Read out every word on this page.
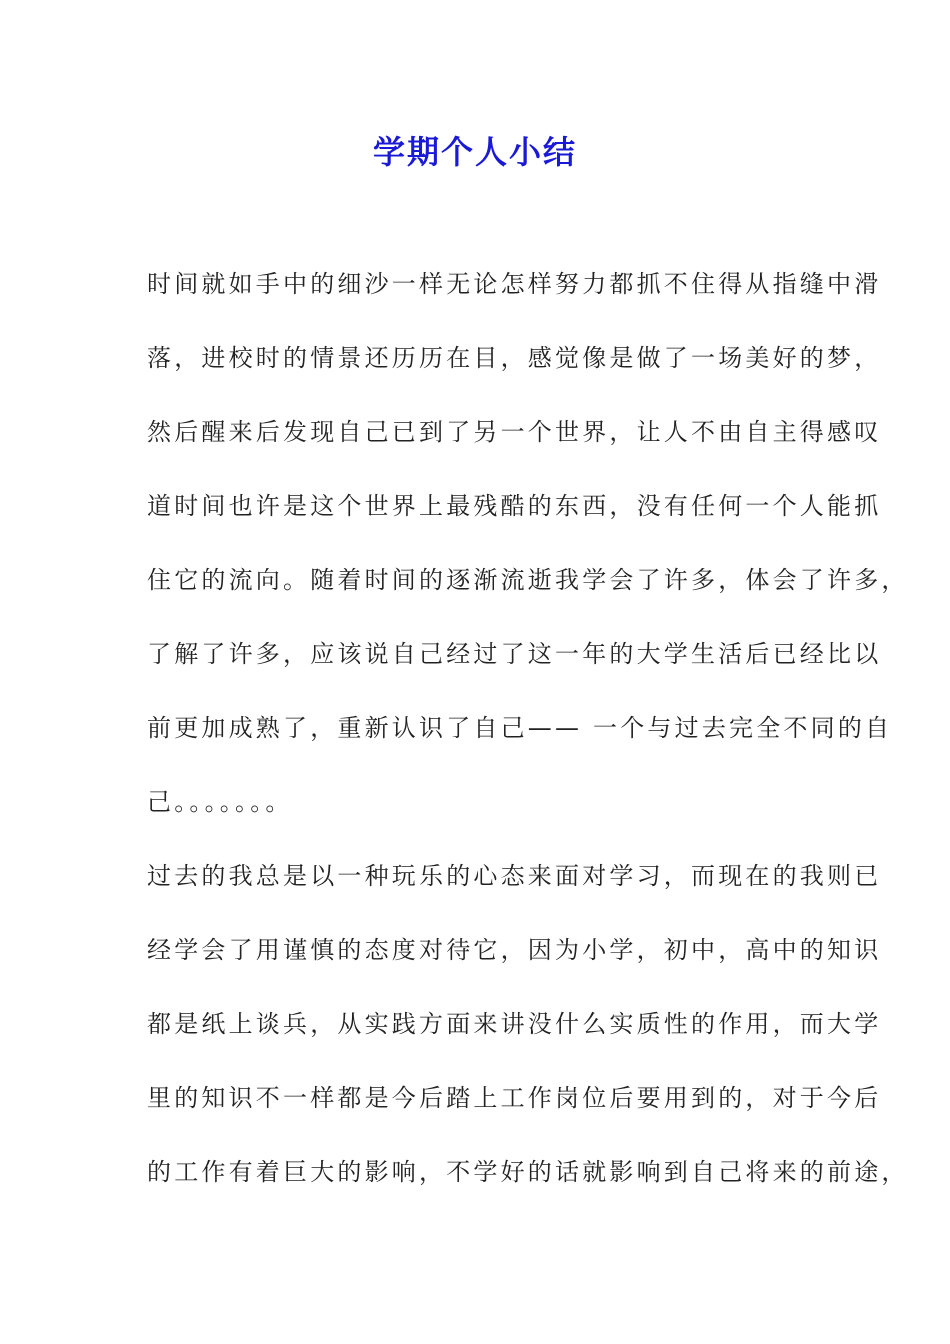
学期个人小结
时间就如手中的细沙一样无论怎样努力都抓不住得从指缝中滑
落，进校时的情景还历历在目，感觉像是做了一场美好的梦，
然后醒来后发现自己已到了另一个世界，让人不由自主得感叹
道时间也许是这个世界上最残酷的东西，没有任何一个人能抓
住它的流向。随着时间的逐渐流逝我学会了许多，体会了许多，
了解了许多，应该说自己经过了这一年的大学生活后已经比以
前更加成熟了，重新认识了自己—— 一个与过去完全不同的自
己。。。。。。。
过去的我总是以一种玩乐的心态来面对学习，而现在的我则已
经学会了用谨慎的态度对待它，因为小学，初中，高中的知识
都是纸上谈兵，从实践方面来讲没什么实质性的作用，而大学
里的知识不一样都是今后踏上工作岗位后要用到的，对于今后
的工作有着巨大的影响，不学好的话就影响到自己将来的前途，
